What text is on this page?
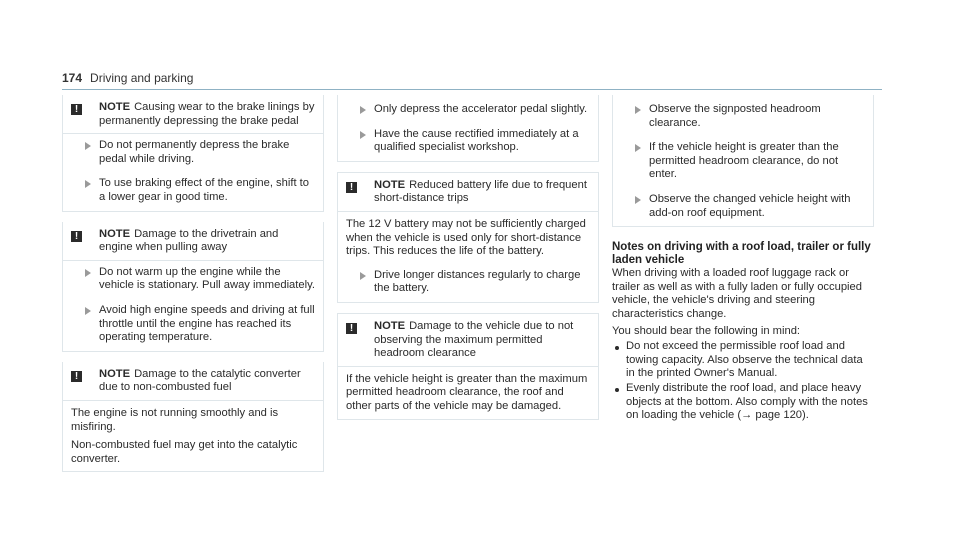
174 Driving and parking
!	NOTE Causing wear to the brake linings by permanently depressing the brake pedal
Do not permanently depress the brake pedal while driving.
To use braking effect of the engine, shift to a lower gear in good time.
!	NOTE Damage to the drivetrain and engine when pulling away
Do not warm up the engine while the vehicle is stationary. Pull away immediately.
Avoid high engine speeds and driving at full throttle until the engine has reached its operating temperature.
!	NOTE Damage to the catalytic converter due to non-combusted fuel
The engine is not running smoothly and is misfiring.
Non-combusted fuel may get into the catalytic converter.
Only depress the accelerator pedal slightly.
Have the cause rectified immediately at a qualified specialist workshop.
!	NOTE Reduced battery life due to frequent short-distance trips
The 12 V battery may not be sufficiently charged when the vehicle is used only for short-distance trips. This reduces the life of the battery.
Drive longer distances regularly to charge the battery.
!	NOTE Damage to the vehicle due to not observing the maximum permitted headroom clearance
If the vehicle height is greater than the maximum permitted headroom clearance, the roof and other parts of the vehicle may be damaged.
Observe the signposted headroom clearance.
If the vehicle height is greater than the permitted headroom clearance, do not enter.
Observe the changed vehicle height with add-on roof equipment.
Notes on driving with a roof load, trailer or fully laden vehicle

When driving with a loaded roof luggage rack or trailer as well as with a fully laden or fully occupied vehicle, the vehicle's driving and steering characteristics change.

You should bear the following in mind:

Do not exceed the permissible roof load and towing capacity. Also observe the technical data in the printed Owner's Manual.
Evenly distribute the roof load, and place heavy objects at the bottom. Also comply with the notes on loading the vehicle (→ page 120).
